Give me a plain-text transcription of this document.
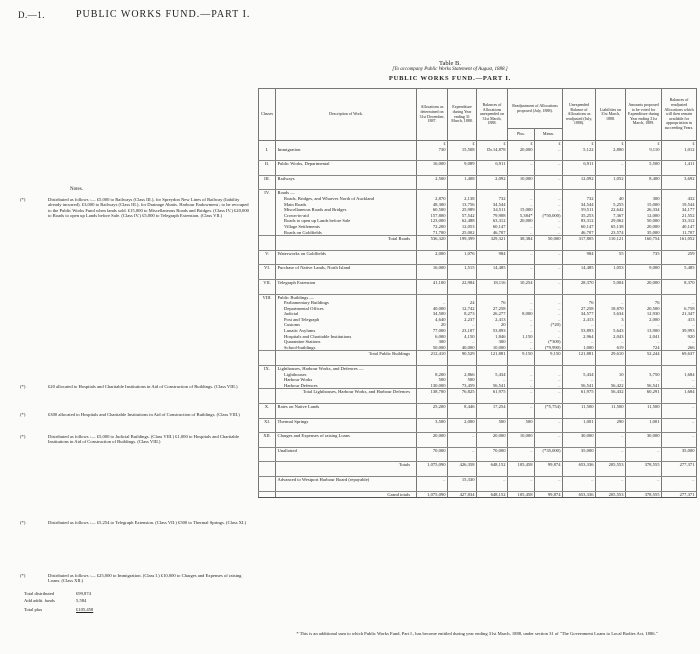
D.—1.	PUBLIC WORKS FUND.—PART I.
Table B.
[To accompany Public Works Statement of August, 1888.]
PUBLIC WORKS FUND.—PART I.
Classes	Description of Work.	Allocations as determined on 31st December, 1887.	Expenditure during Year ending 31 March, 1888.	Balances of Allocations unexpended on 31st March, 1888.	Readjustment of Allocations proposed (July, 1888).		Unexpended Balance of Allocations as readjusted (July, 1888).	Liabilities on 31st March, 1888.	Amounts proposed to be voted for Expenditure during Year ending 31st March, 1889.	Balances of readjusted Allocations which will then remain available for appropriation in succeeding Years.
					Plus.	Minus.				
		£	£	£	£	£	£	£	£	£
I.	Immigration	730	15,508	Dr.14,878	20,000	..	5,122	2,800	9,110	1,012

II.	Public Works, Departmental	16,000	9,089	6,911	..	..	6,911	..	5,500	1,411

III.	Railways	2,500	1,408	2,092	10,000	..	12,092	1,052	8,400	3,692

IV.	Roads —									
	Roads, Bridges, and Wharves North of Auckland	2,870	2,138	732	..	..	732	40	300	432
	Main Roads	48,300	13,756	34,544	..	..	34,544	5,255	15,000	19,544
	Miscellaneous Roads and Bridges	60,500	25,989	34,511	15,000	..	59,511	22,642	26,334	34,177
	Crown-in-aid	157,800	57,542	79,908	5,384*	(*50,000)	35,253	7,367	12,000	21,552
	Roads to open up Lands before Sale	123,000	62,488	63,312	20,000	..	83,312	29,062	50,000	33,312
	Village Settlements	72,200	12,053	60,147	..	..	60,147	65,138	20,000	40,147
	Roads on Goldfields	71,700	25,002	46,707	..	..	46,707	23,574	35,000	11,707
	Total Roads	536,320	199,399	329,321	38,384	50,000	317,805	110,121	160,754	161,052

V.	Waterworks on Goldfields	2,000	1,076	984	..	..	984	55	735	259

VI.	Purchase of Native Lands, North Island	16,000	1,515	14,485	..	..	14,485	1,053	9,000	5,485

VII.	Telegraph Extension	41,100	22,984	18,116	10,254	..	28,370	5,004	20,000	8,370

VIII.	Public Buildings —									
	Parliamentary Buildings	..	24	76	..	..	76	..	76	..
	Departmental Offices	40,000	12,742	27,258	..	..	27,258	18,870	20,500	6,758
	Judicial	34,500	8,273	26,277	8,000	..	34,577	3,634	12,930	21,347
	Post and Telegraph	4,640	2,237	2,413	..	..	2,413	3	2,000	413
	Customs	20	..	20	..	(*20)	..	..	..	..
	Lunatic Asylums	77,000	23,107	53,893	..	..	53,893	5,643	13,900	39,993
	Hospitals and Charitable Institutions	6,000	4,150	1,846	1,150	..	2,964	2,043	2,041	920
	Quarantine Stations	300	..	300	..	(*300)	..	..	..	..
	School-buildings	50,000	40,000	10,000	..	(*9,990)	1,000	619	724	266
	Total Public Buildings	212,410	90,529	121,881	9,150	9,150	121,881	29,610	52,244	69,637

IX.	Lighthouses, Harbour Works, and Defences —									
	Lighthouses	8,200	2,866	5,434	..	..	5,434	10	3,750	1,684
	Harbour Works	500	500	..	..	..	..	..	..	..
	Harbour Defences	130,000	73,459	56,541	..	..	56,541	56,422	56,541	..
	Total Lighthouses, Harbour Works, and Harbour Defences	138,700	76,825	61,975	..	..	61,975	56,432	60,291	1,684

X.	Rates on Native Lands	25,200	8,446	17,254	..	(*5,754)	11,500	11,500	11,500	..

XI.	Thermal Springs	3,500	2,000	500	500	..	1,001	290	1,001	..

XII.	Charges and Expenses of raising Loans	20,000	..	20,000	10,000	..	30,000	..	30,000	..

	Unallotted	70,000	..	70,000	..	(*35,000)	35,000	..	..	35,000

	Totals	1,075,090	426,358	648,152	105,458	99,874	653,336	205,553	378,555	277,371

	Advanced to Westport Harbour Board (repayable)	..	15,330	..	..	..	..	..	..	..

	Grand totals	1,075,090	427,834	648,152	105,458	99,874	653,336	205,553	378,555	277,371
* This is an additional sum to which Public Works Fund, Part I., has become entitled during year ending 31st March, 1888, under section 31 of "The Government Loans to Local Bodies Act, 1886."
Notes.
(*)	Distributed as follows :— £5,000 to Railways (Class III.), for Spreydon New Lines of Railway (liability already incurred). £3,000 to Railways (Class III.), for Drainage Abatts. Harbour Endowment ; to be recouped to the Public Works Fund when lands sold. £15,000 to Miscellaneous Roads and Bridges. (Class IV.) £20,000 to Roads to open up Lands before Sale. (Class IV.) £5,000 to Telegraph Extension. (Class VII.)
(*)	£20 allocated to Hospitals and Charitable Institutions in Aid of Construction of Buildings. (Class VIII.)
(*)	£300 allocated to Hospitals and Charitable Institutions in Aid of Construction of Buildings. (Class VIII.)
(*)	Distributed as follows :— £5,000 to Judicial Buildings. (Class VIII.) £1,000 to Hospitals and Charitable Institutions in Aid of Construction of Buildings. (Class VIII.)
(*)	Distributed as follows :— £5,254 to Telegraph Extension. (Class VII.) £500 to Thermal Springs. (Class XI.)
(*)	Distributed as follows :— £25,000 to Immigration. (Class I.) £10,000 to Charges and Expenses of raising Loans. (Class XII.)
Total distributed	£99,874
Add addit. funds	5,584
Total plus	£105,458
